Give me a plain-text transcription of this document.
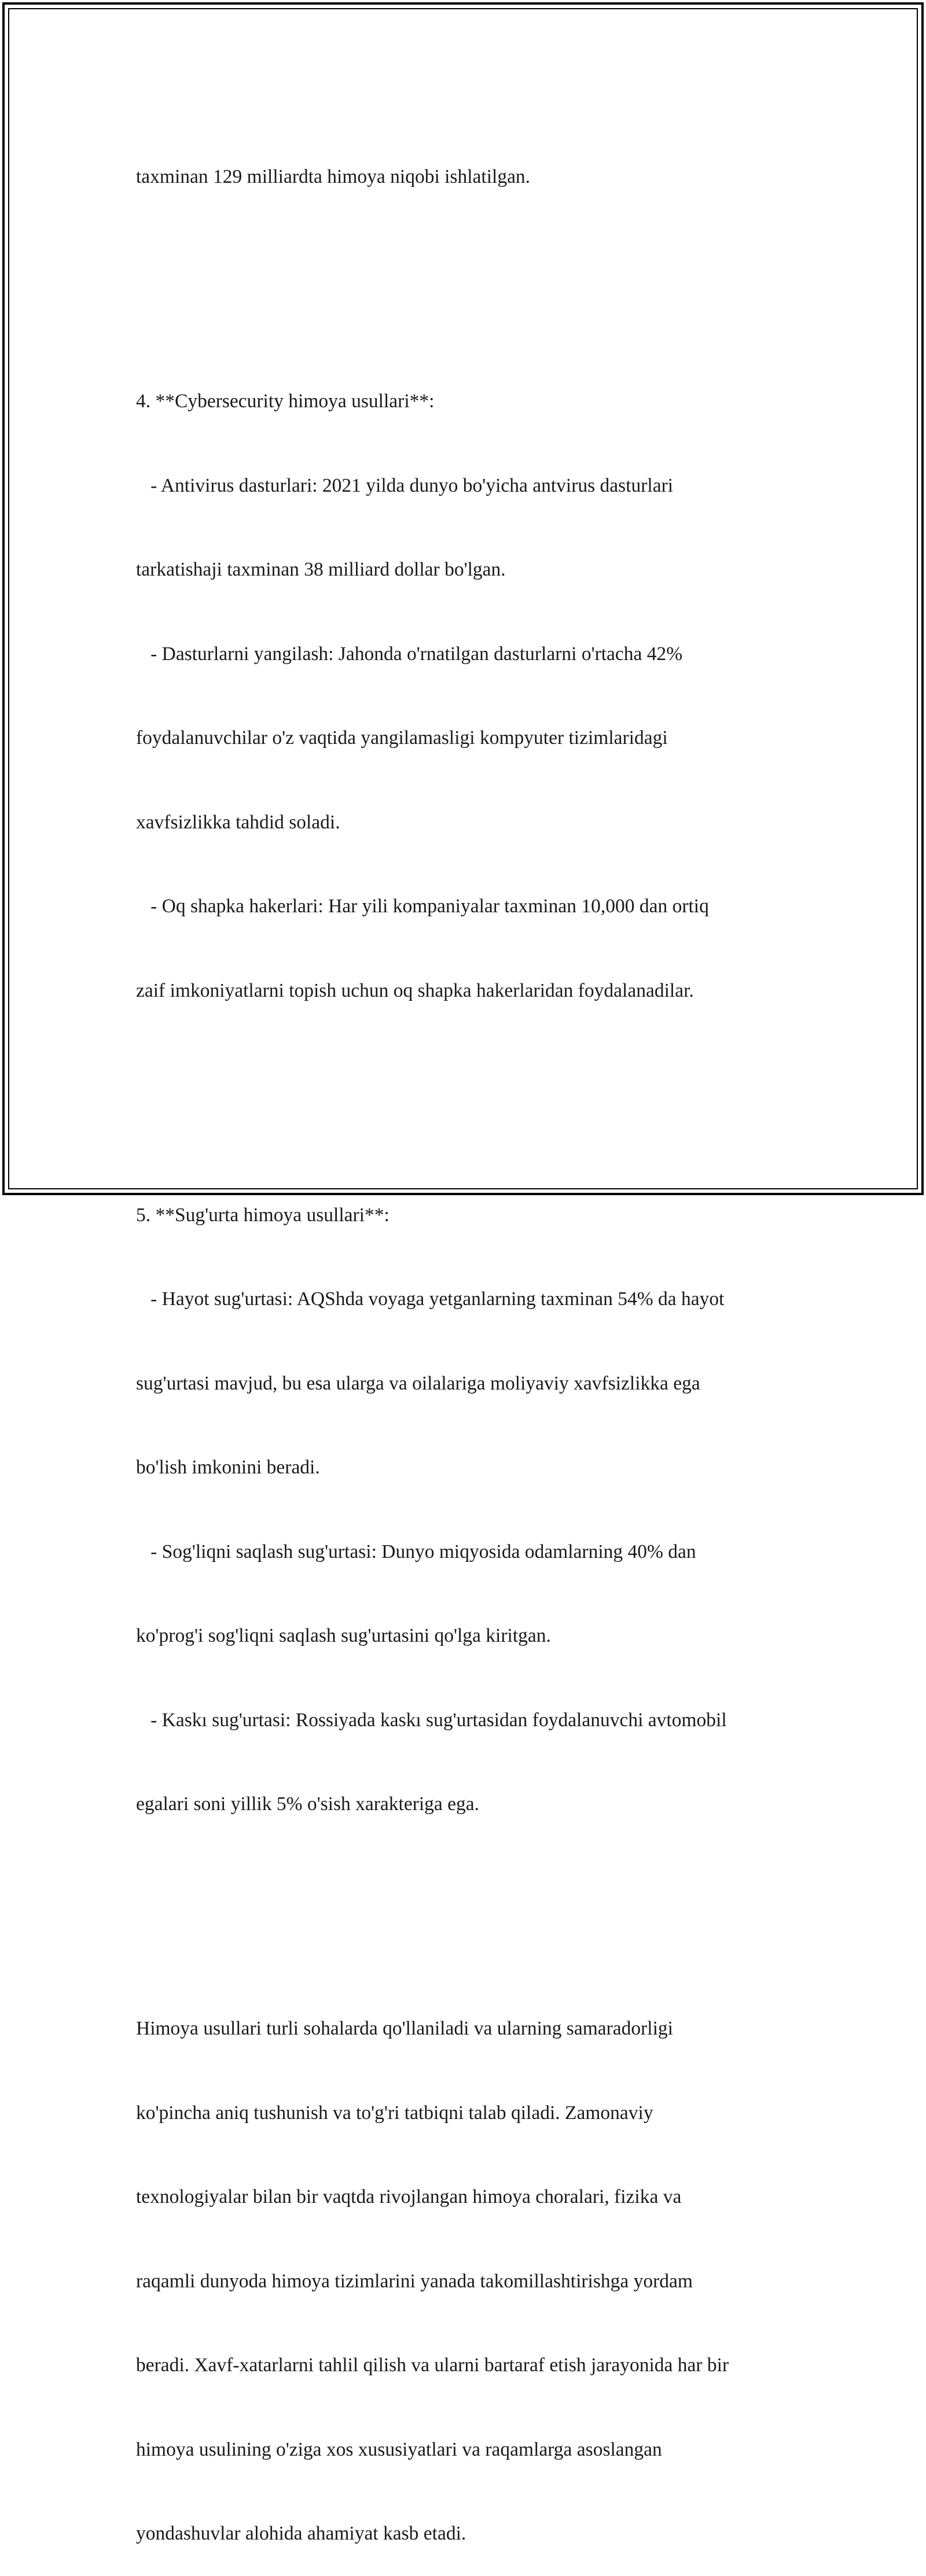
taxminan 129 milliardta himoya niqobi ishlatilgan.

4. **Cybersecurity himoya usullari**:

- Antivirus dasturlari: 2021 yilda dunyo bo'yicha antvirus dasturlari

tarkatishaji taxminan 38 milliard dollar bo'lgan.

- Dasturlarni yangilash: Jahonda o'rnatilgan dasturlarni o'rtacha 42%

foydalanuvchilar o'z vaqtida yangilamasligi kompyuter tizimlaridagi

xavfsizlikka tahdid soladi.

- Oq shapka hakerlari: Har yili kompaniyalar taxminan 10,000 dan ortiq

zaif imkoniyatlarni topish uchun oq shapka hakerlaridan foydalanadilar.

5. **Sug'urta himoya usullari**:

- Hayot sug'urtasi: AQShda voyaga yetganlarning taxminan 54% da hayot

sug'urtasi mavjud, bu esa ularga va oilalariga moliyaviy xavfsizlikka ega

bo'lish imkonini beradi.

- Sog'liqni saqlash sug'urtasi: Dunyo miqyosida odamlarning 40% dan

ko'prog'i sog'liqni saqlash sug'urtasini qo'lga kiritgan.

- Kaskı sug'urtasi: Rossiyada kaskı sug'urtasidan foydalanuvchi avtomobil

egalari soni yillik 5% o'sish xarakteriga ega.

Himoya usullari turli sohalarda qo'llaniladi va ularning samaradorligi

ko'pincha aniq tushunish va to'g'ri tatbiqni talab qiladi. Zamonaviy

texnologiyalar bilan bir vaqtda rivojlangan himoya choralari, fizika va

raqamli dunyoda himoya tizimlarini yanada takomillashtirishga yordam

beradi. Xavf-xatarlarni tahlil qilish va ularni bartaraf etish jarayonida har bir

himoya usulining o'ziga xos xususiyatlari va raqamlarga asoslangan

yondashuvlar alohida ahamiyat kasb etadi.
